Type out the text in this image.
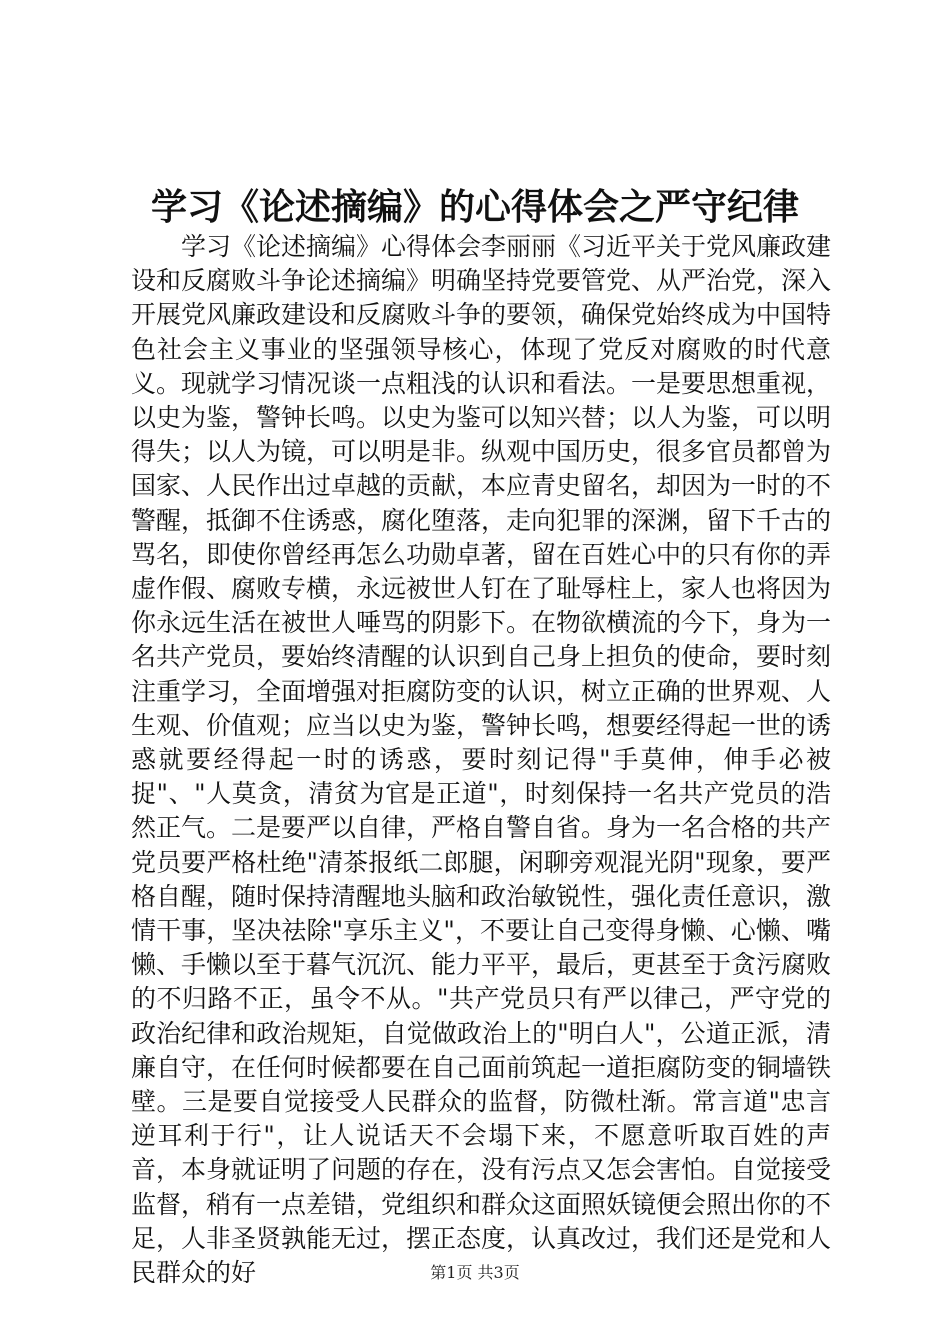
学习《论述摘编》的心得体会之严守纪律

学习《论述摘编》心得体会李丽丽《习近平关于党风廉政建设和反腐败斗争论述摘编》明确坚持党要管党、从严治党，深入开展党风廉政建设和反腐败斗争的要领，确保党始终成为中国特色社会主义事业的坚强领导核心，体现了党反对腐败的时代意义。现就学习情况谈一点粗浅的认识和看法。一是要思想重视，以史为鉴，警钟长鸣。以史为鉴可以知兴替；以人为鉴，可以明得失；以人为镜，可以明是非。纵观中国历史，很多官员都曾为国家、人民作出过卓越的贡献，本应青史留名，却因为一时的不警醒，抵御不住诱惑，腐化堕落，走向犯罪的深渊，留下千古的骂名，即使你曾经再怎么功勋卓著，留在百姓心中的只有你的弄虚作假、腐败专横，永远被世人钉在了耻辱柱上，家人也将因为你永远生活在被世人唾骂的阴影下。在物欲横流的今下，身为一名共产党员，要始终清醒的认识到自己身上担负的使命，要时刻注重学习，全面增强对拒腐防变的认识，树立正确的世界观、人生观、价值观；应当以史为鉴，警钟长鸣，想要经得起一世的诱惑就要经得起一时的诱惑，要时刻记得"手莫伸，伸手必被捉"、"人莫贪，清贫为官是正道"，时刻保持一名共产党员的浩然正气。二是要严以自律，严格自警自省。身为一名合格的共产党员要严格杜绝"清茶报纸二郎腿，闲聊旁观混光阴"现象，要严格自醒，随时保持清醒地头脑和政治敏锐性，强化责任意识，激情干事，坚决祛除"享乐主义"，不要让自己变得身懒、心懒、嘴懒、手懒以至于暮气沉沉、能力平平，最后，更甚至于贪污腐败的不归路不正，虽令不从。"共产党员只有严以律己，严守党的政治纪律和政治规矩，自觉做政治上的"明白人"，公道正派，清廉自守，在任何时候都要在自己面前筑起一道拒腐防变的铜墙铁壁。三是要自觉接受人民群众的监督，防微杜渐。常言道"忠言逆耳利于行"，让人说话天不会塌下来，不愿意听取百姓的声音，本身就证明了问题的存在，没有污点又怎会害怕。自觉接受监督，稍有一点差错，党组织和群众这面照妖镜便会照出你的不足，人非圣贤孰能无过，摆正态度，认真改过，我们还是党和人民群众的好	第1页 共3页
